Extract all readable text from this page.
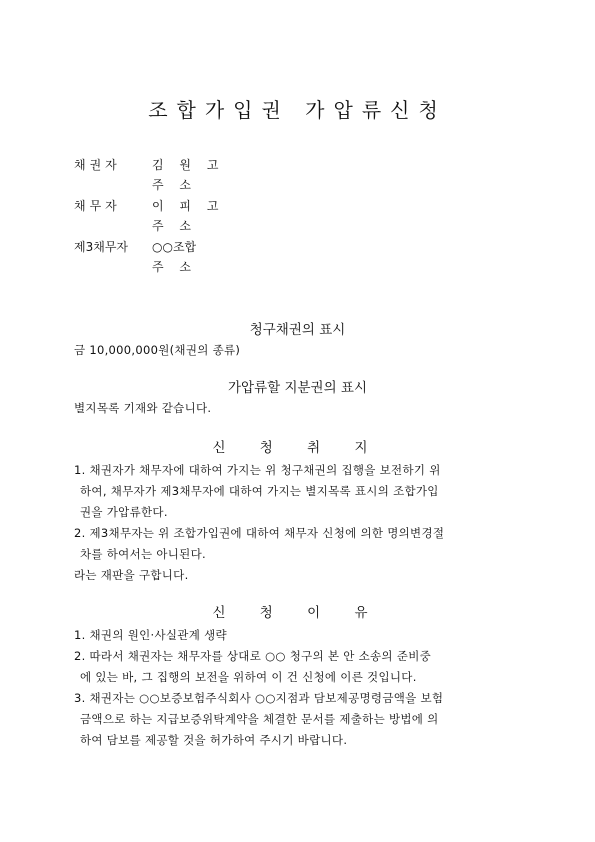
조합가입권 가압류신청
채권자	김 원 고
주 소
채무자	이 피 고
주 소
제3채무자 ○○조합
주 소
청구채권의 표시
금 10,000,000원(채권의 종류)
가압류할 지분권의 표시
별지목록 기재와 같습니다.
신 청 취 지
1. 채권자가 채무자에 대하여 가지는 위 청구채권의 집행을 보전하기 위
하여, 채무자가 제3채무자에 대하여 가지는 별지목록 표시의 조합가입
권을 가압류한다.
2. 제3채무자는 위 조합가입권에 대하여 채무자 신청에 의한 명의변경절
차를 하여서는 아니된다.
라는 재판을 구합니다.
신 청 이 유
1. 채권의 원인·사실관계 생략
2. 따라서 채권자는 채무자를 상대로 ○○ 청구의 본 안 소송의 준비중
에 있는 바, 그 집행의 보전을 위하여 이 건 신청에 이른 것입니다.
3. 채권자는 ○○보증보험주식회사 ○○지점과 담보제공명령금액을 보험
금액으로 하는 지급보증위탁계약을 체결한 문서를 제출하는 방법에 의
하여 담보를 제공할 것을 허가하여 주시기 바랍니다.
